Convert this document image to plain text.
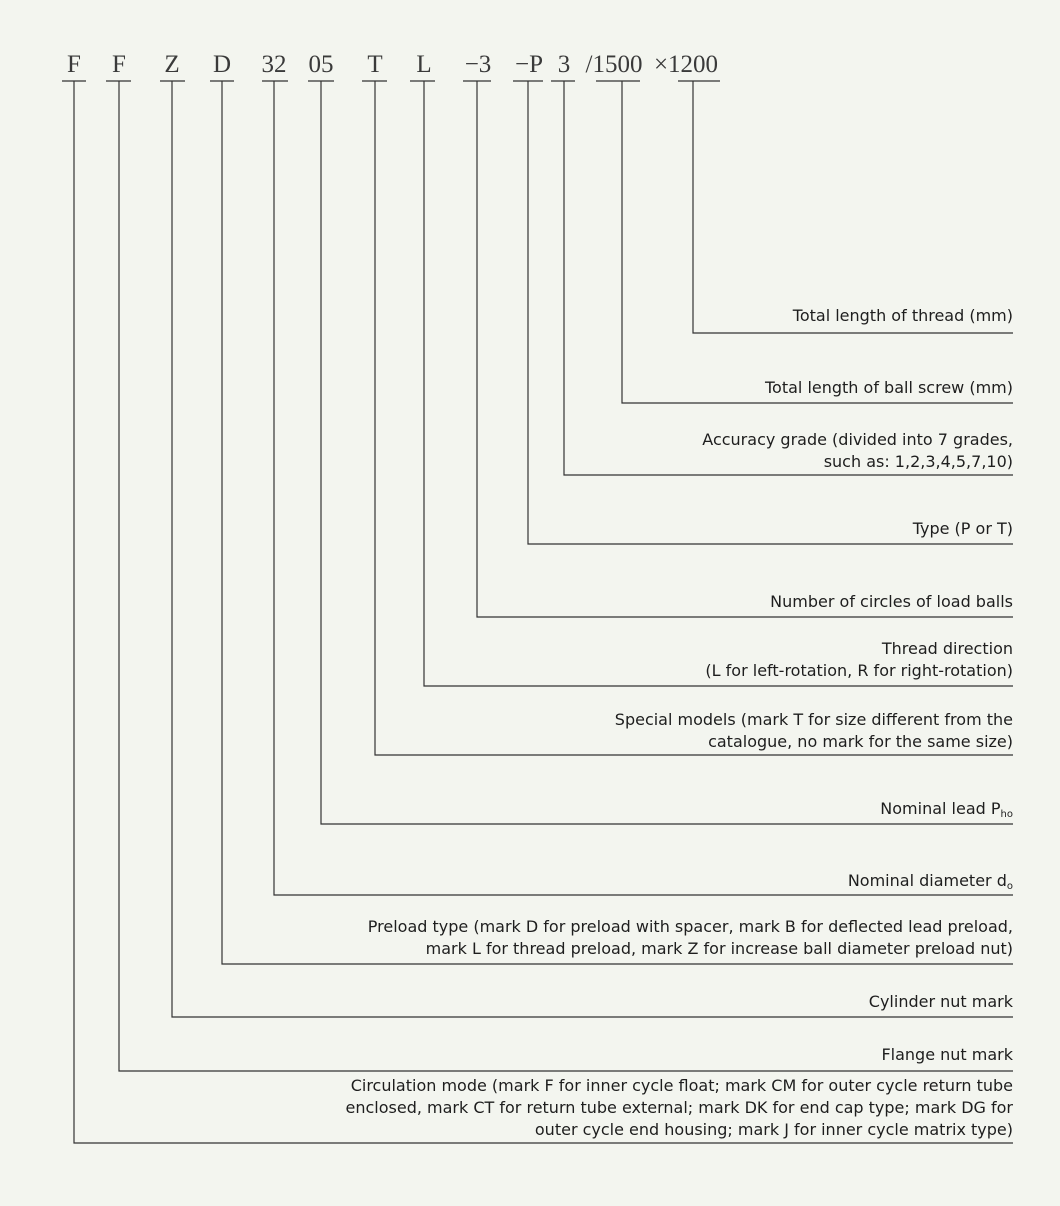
F F Z D 32 05 T L −3 −P 3 /1500 ×1200
Total length of thread (mm)
Total length of ball screw (mm)
Accuracy grade (divided into 7 grades,
such as: 1,2,3,4,5,7,10)
Type (P or T)
Number of circles of load balls
Thread direction
(L for left-rotation, R for right-rotation)
Special models (mark T for size different from the
catalogue, no mark for the same size)
Nominal lead $P_{ho}$
Nominal diameter $d_o$
Preload type (mark D for preload with spacer, mark B for deflected lead preload,
mark L for thread preload, mark Z for increase ball diameter preload nut)
Cylinder nut mark
Flange nut mark
Circulation mode (mark F for inner cycle float; mark CM for outer cycle return tube
enclosed, mark CT for return tube external; mark DK for end cap type; mark DG for
outer cycle end housing; mark J for inner cycle matrix type)
